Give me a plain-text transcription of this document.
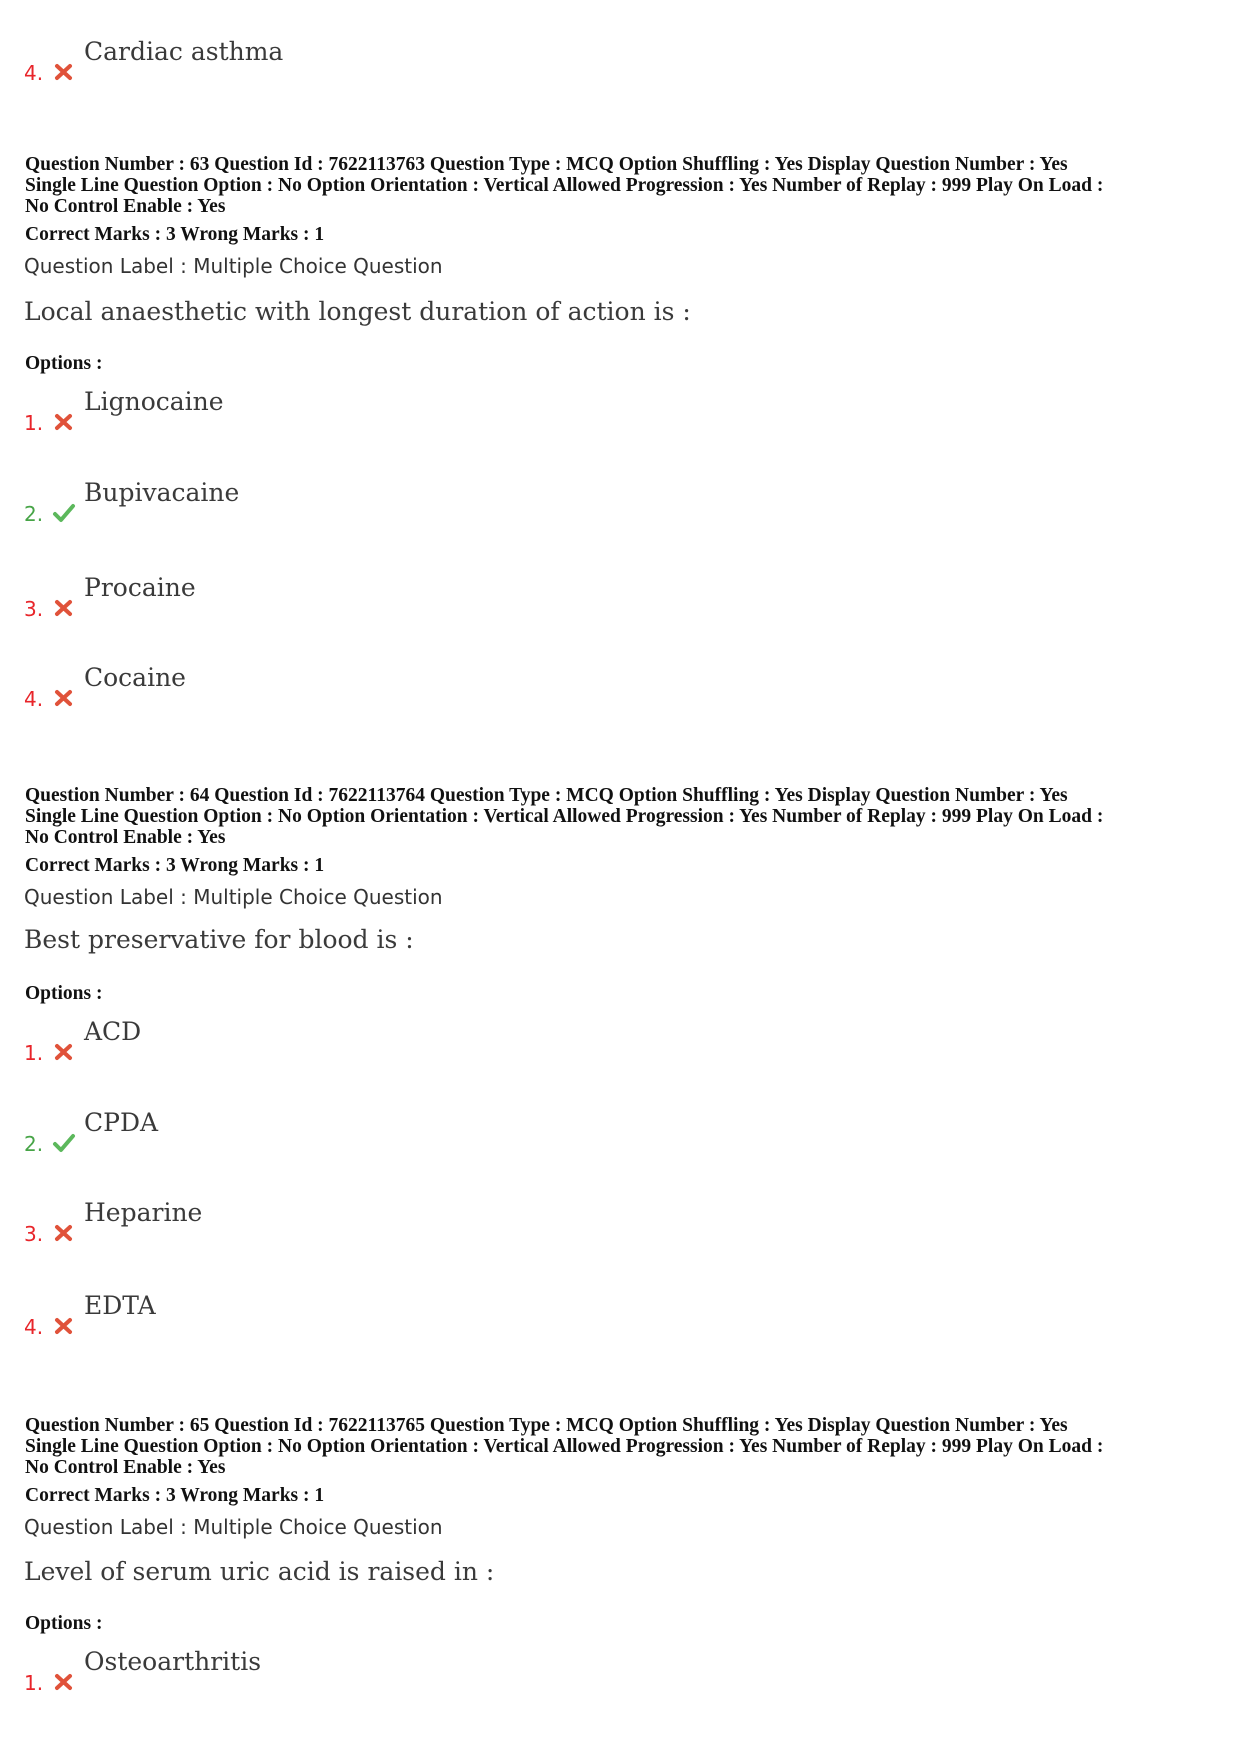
4.
Cardiac asthma
Question Number : 63 Question Id : 7622113763 Question Type : MCQ Option Shuffling : Yes Display Question Number : Yes
Single Line Question Option : No Option Orientation : Vertical Allowed Progression : Yes Number of Replay : 999 Play On Load :
No Control Enable : Yes
Correct Marks : 3 Wrong Marks : 1
Question Label : Multiple Choice Question
Local anaesthetic with longest duration of action is :
Options :
1.
Lignocaine
2.
Bupivacaine
3.
Procaine
4.
Cocaine
Question Number : 64 Question Id : 7622113764 Question Type : MCQ Option Shuffling : Yes Display Question Number : Yes
Single Line Question Option : No Option Orientation : Vertical Allowed Progression : Yes Number of Replay : 999 Play On Load :
No Control Enable : Yes
Correct Marks : 3 Wrong Marks : 1
Question Label : Multiple Choice Question
Best preservative for blood is :
Options :
1.
ACD
2.
CPDA
3.
Heparine
4.
EDTA
Question Number : 65 Question Id : 7622113765 Question Type : MCQ Option Shuffling : Yes Display Question Number : Yes
Single Line Question Option : No Option Orientation : Vertical Allowed Progression : Yes Number of Replay : 999 Play On Load :
No Control Enable : Yes
Correct Marks : 3 Wrong Marks : 1
Question Label : Multiple Choice Question
Level of serum uric acid is raised in :
Options :
1.
Osteoarthritis
